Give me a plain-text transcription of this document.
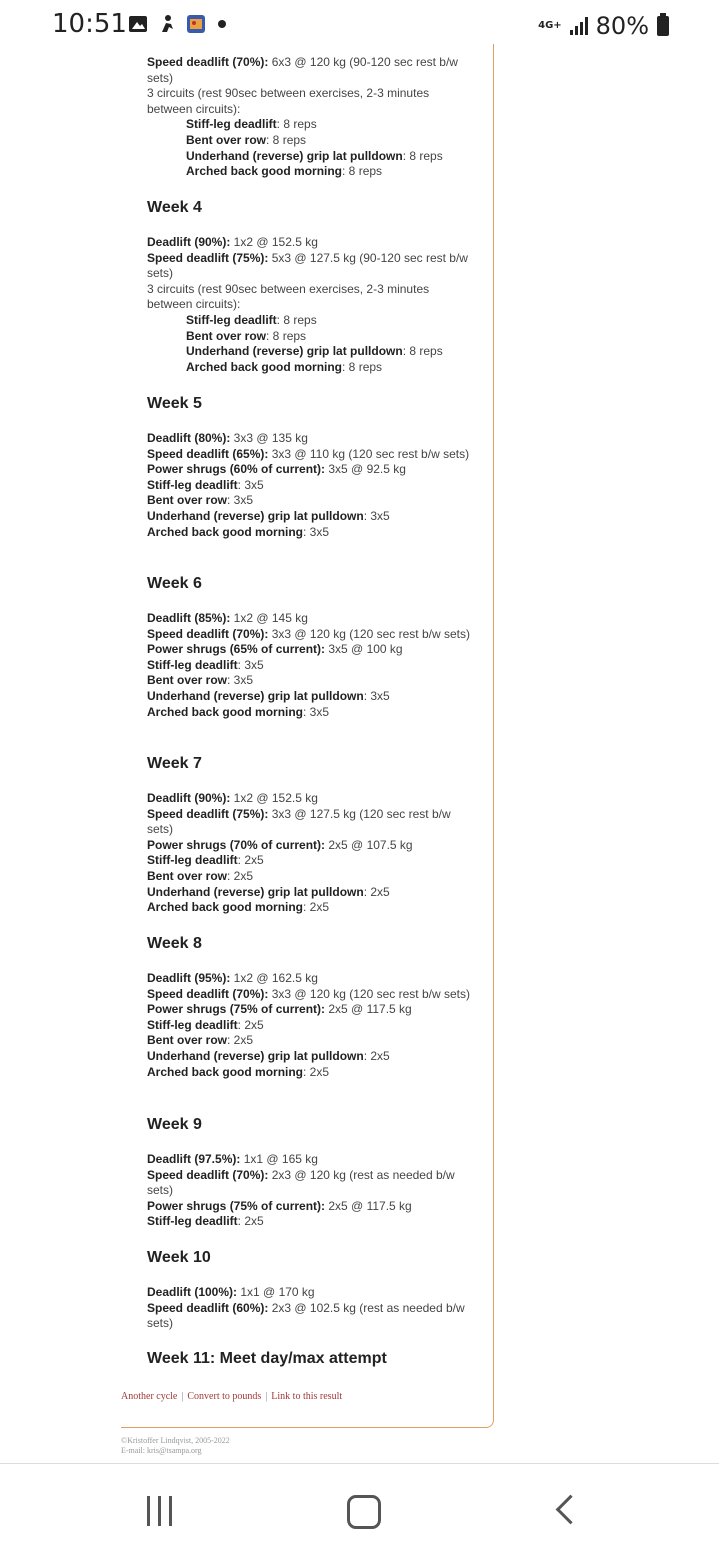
10:51	4G+ 80%
Speed deadlift (70%): 6x3 @ 120 kg (90-120 sec rest b/w sets)
3 circuits (rest 90sec between exercises, 2-3 minutes between circuits):
Stiff-leg deadlift: 8 reps
Bent over row: 8 reps
Underhand (reverse) grip lat pulldown: 8 reps
Arched back good morning: 8 reps
Week 4
Deadlift (90%): 1x2 @ 152.5 kg
Speed deadlift (75%): 5x3 @ 127.5 kg (90-120 sec rest b/w sets)
3 circuits (rest 90sec between exercises, 2-3 minutes between circuits):
Stiff-leg deadlift: 8 reps
Bent over row: 8 reps
Underhand (reverse) grip lat pulldown: 8 reps
Arched back good morning: 8 reps
Week 5
Deadlift (80%): 3x3 @ 135 kg
Speed deadlift (65%): 3x3 @ 110 kg (120 sec rest b/w sets)
Power shrugs (60% of current): 3x5 @ 92.5 kg
Stiff-leg deadlift: 3x5
Bent over row: 3x5
Underhand (reverse) grip lat pulldown: 3x5
Arched back good morning: 3x5
Week 6
Deadlift (85%): 1x2 @ 145 kg
Speed deadlift (70%): 3x3 @ 120 kg (120 sec rest b/w sets)
Power shrugs (65% of current): 3x5 @ 100 kg
Stiff-leg deadlift: 3x5
Bent over row: 3x5
Underhand (reverse) grip lat pulldown: 3x5
Arched back good morning: 3x5
Week 7
Deadlift (90%): 1x2 @ 152.5 kg
Speed deadlift (75%): 3x3 @ 127.5 kg (120 sec rest b/w sets)
Power shrugs (70% of current): 2x5 @ 107.5 kg
Stiff-leg deadlift: 2x5
Bent over row: 2x5
Underhand (reverse) grip lat pulldown: 2x5
Arched back good morning: 2x5
Week 8
Deadlift (95%): 1x2 @ 162.5 kg
Speed deadlift (70%): 3x3 @ 120 kg (120 sec rest b/w sets)
Power shrugs (75% of current): 2x5 @ 117.5 kg
Stiff-leg deadlift: 2x5
Bent over row: 2x5
Underhand (reverse) grip lat pulldown: 2x5
Arched back good morning: 2x5
Week 9
Deadlift (97.5%): 1x1 @ 165 kg
Speed deadlift (70%): 2x3 @ 120 kg (rest as needed b/w sets)
Power shrugs (75% of current): 2x5 @ 117.5 kg
Stiff-leg deadlift: 2x5
Week 10
Deadlift (100%): 1x1 @ 170 kg
Speed deadlift (60%): 2x3 @ 102.5 kg (rest as needed b/w sets)
Week 11: Meet day/max attempt
Another cycle | Convert to pounds | Link to this result
©Kristoffer Lindqvist, 2005-2022
E-mail: kris@tsampa.org
